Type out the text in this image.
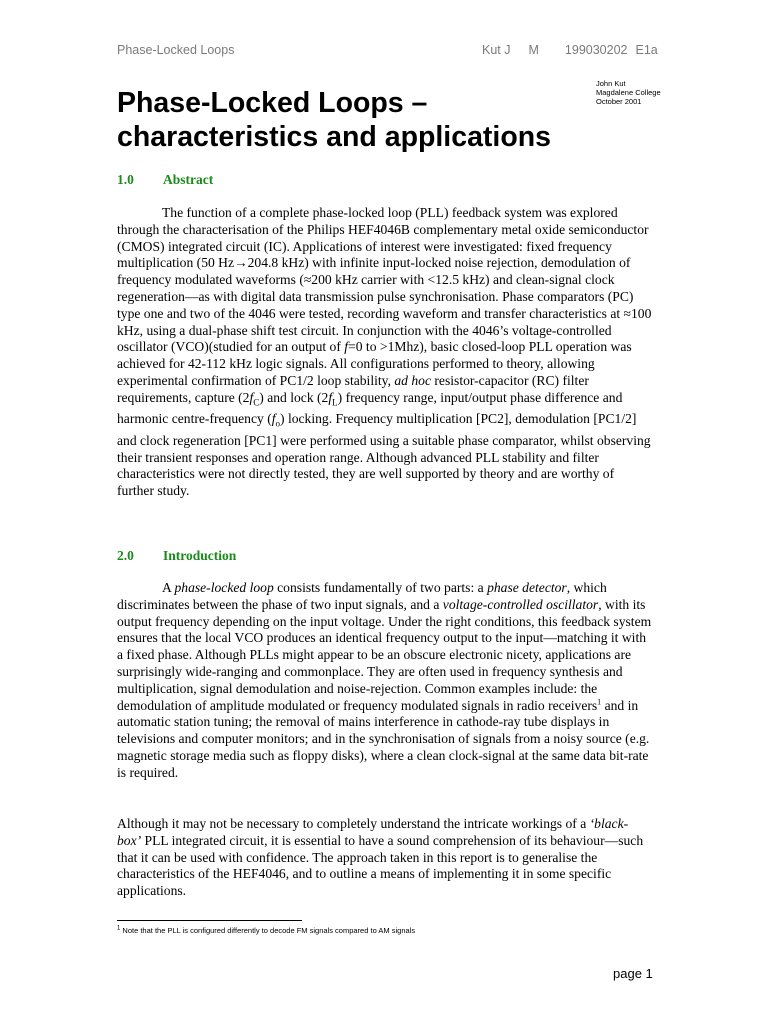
Phase-Locked Loops	Kut J M 199030202 E1a
John Kut
Magdalene College
October 2001
Phase-Locked Loops –
characteristics and applications
1.0 Abstract

The function of a complete phase-locked loop (PLL) feedback system was explored through the characterisation of the Philips HEF4046B complementary metal oxide semiconductor (CMOS) integrated circuit (IC). Applications of interest were investigated: fixed frequency multiplication (50 Hz→204.8 kHz) with infinite input-locked noise rejection, demodulation of frequency modulated waveforms (≈200 kHz carrier with <12.5 kHz) and clean-signal clock regeneration—as with digital data transmission pulse synchronisation. Phase comparators (PC) type one and two of the 4046 were tested, recording waveform and transfer characteristics at ≈100 kHz, using a dual-phase shift test circuit. In conjunction with the 4046’s voltage-controlled oscillator (VCO)(studied for an output of f=0 to >1Mhz), basic closed-loop PLL operation was achieved for 42-112 kHz logic signals. All configurations performed to theory, allowing experimental confirmation of PC1/2 loop stability, ad hoc resistor-capacitor (RC) filter requirements, capture $(2f_C)$ and lock $(2f_L)$ frequency range, input/output phase difference and harmonic centre-frequency $(f_o)$ locking. Frequency multiplication [PC2], demodulation [PC1/2] and clock regeneration [PC1] were performed using a suitable phase comparator, whilst observing their transient responses and operation range. Although advanced PLL stability and filter characteristics were not directly tested, they are well supported by theory and are worthy of further study.

2.0 Introduction

A phase-locked loop consists fundamentally of two parts: a phase detector, which discriminates between the phase of two input signals, and a voltage-controlled oscillator, with its output frequency depending on the input voltage. Under the right conditions, this feedback system ensures that the local VCO produces an identical frequency output to the input—matching it with a fixed phase. Although PLLs might appear to be an obscure electronic nicety, applications are surprisingly wide-ranging and commonplace. They are often used in frequency synthesis and multiplication, signal demodulation and noise-rejection. Common examples include: the demodulation of amplitude modulated or frequency modulated signals in radio receivers$^1$ and in automatic station tuning; the removal of mains interference in cathode-ray tube displays in televisions and computer monitors; and in the synchronisation of signals from a noisy source (e.g. magnetic storage media such as floppy disks), where a clean clock-signal at the same data bit-rate is required.

Although it may not be necessary to completely understand the intricate workings of a ‘black-box’ PLL integrated circuit, it is essential to have a sound comprehension of its behaviour—such that it can be used with confidence. The approach taken in this report is to generalise the characteristics of the HEF4046, and to outline a means of implementing it in some specific applications.

$^1$ Note that the PLL is configured differently to decode FM signals compared to AM signals
page 1
